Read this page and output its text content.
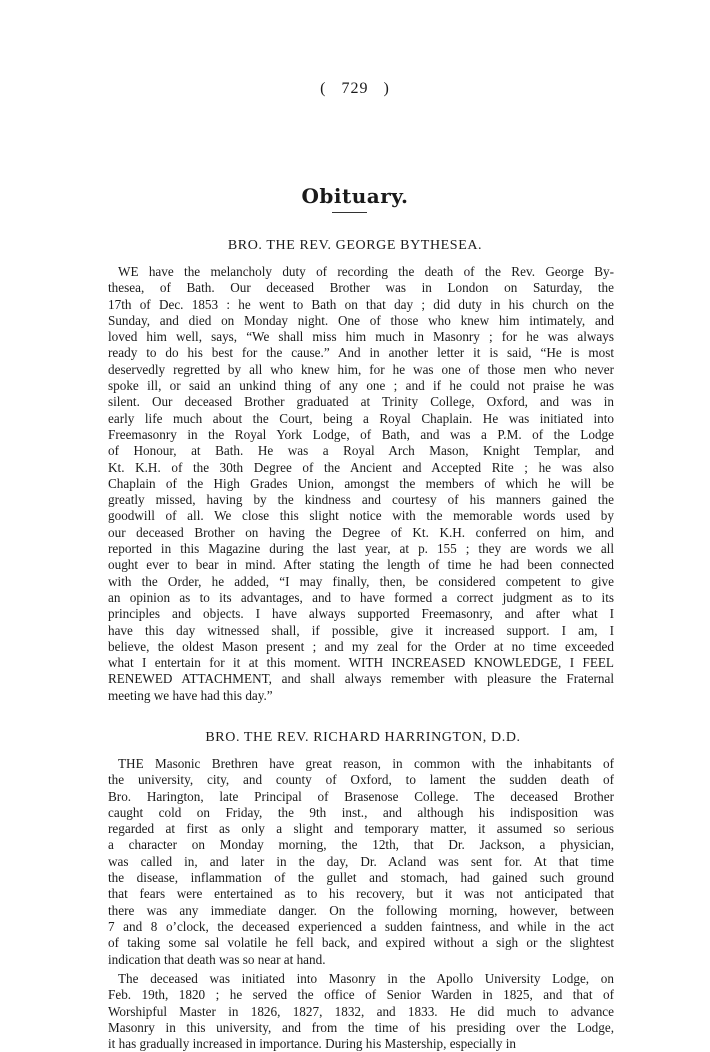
( 729 )
Obituary.
BRO. THE REV. GEORGE BYTHESEA.
WE have the melancholy duty of recording the death of the Rev. George By-
thesea, of Bath. Our deceased Brother was in London on Saturday, the
17th of Dec. 1853 : he went to Bath on that day ; did duty in his church on the
Sunday, and died on Monday night. One of those who knew him intimately, and
loved him well, says, “We shall miss him much in Masonry ; for he was always
ready to do his best for the cause.” And in another letter it is said, “He is most
deservedly regretted by all who knew him, for he was one of those men who never
spoke ill, or said an unkind thing of any one ; and if he could not praise he was
silent. Our deceased Brother graduated at Trinity College, Oxford, and was in
early life much about the Court, being a Royal Chaplain. He was initiated into
Freemasonry in the Royal York Lodge, of Bath, and was a P.M. of the Lodge
of Honour, at Bath. He was a Royal Arch Mason, Knight Templar, and
Kt. K.H. of the 30th Degree of the Ancient and Accepted Rite ; he was also
Chaplain of the High Grades Union, amongst the members of which he will be
greatly missed, having by the kindness and courtesy of his manners gained the
goodwill of all. We close this slight notice with the memorable words used by
our deceased Brother on having the Degree of Kt. K.H. conferred on him, and
reported in this Magazine during the last year, at p. 155 ; they are words we all
ought ever to bear in mind. After stating the length of time he had been connected
with the Order, he added, “I may finally, then, be considered competent to give
an opinion as to its advantages, and to have formed a correct judgment as to its
principles and objects. I have always supported Freemasonry, and after what I
have this day witnessed shall, if possible, give it increased support. I am, I
believe, the oldest Mason present ; and my zeal for the Order at no time exceeded
what I entertain for it at this moment. WITH INCREASED KNOWLEDGE, I FEEL
RENEWED ATTACHMENT, and shall always remember with pleasure the Fraternal
meeting we have had this day.”
BRO. THE REV. RICHARD HARRINGTON, D.D.
THE Masonic Brethren have great reason, in common with the inhabitants of
the university, city, and county of Oxford, to lament the sudden death of
Bro. Harington, late Principal of Brasenose College. The deceased Brother
caught cold on Friday, the 9th inst., and although his indisposition was
regarded at first as only a slight and temporary matter, it assumed so serious
a character on Monday morning, the 12th, that Dr. Jackson, a physician,
was called in, and later in the day, Dr. Acland was sent for. At that time
the disease, inflammation of the gullet and stomach, had gained such ground
that fears were entertained as to his recovery, but it was not anticipated that
there was any immediate danger. On the following morning, however, between
7 and 8 o’clock, the deceased experienced a sudden faintness, and while in the act
of taking some sal volatile he fell back, and expired without a sigh or the slightest
indication that death was so near at hand.
The deceased was initiated into Masonry in the Apollo University Lodge, on
Feb. 19th, 1820 ; he served the office of Senior Warden in 1825, and that of
Worshipful Master in 1826, 1827, 1832, and 1833. He did much to advance
Masonry in this university, and from the time of his presiding over the Lodge,
it has gradually increased in importance. During his Mastership, especially in
